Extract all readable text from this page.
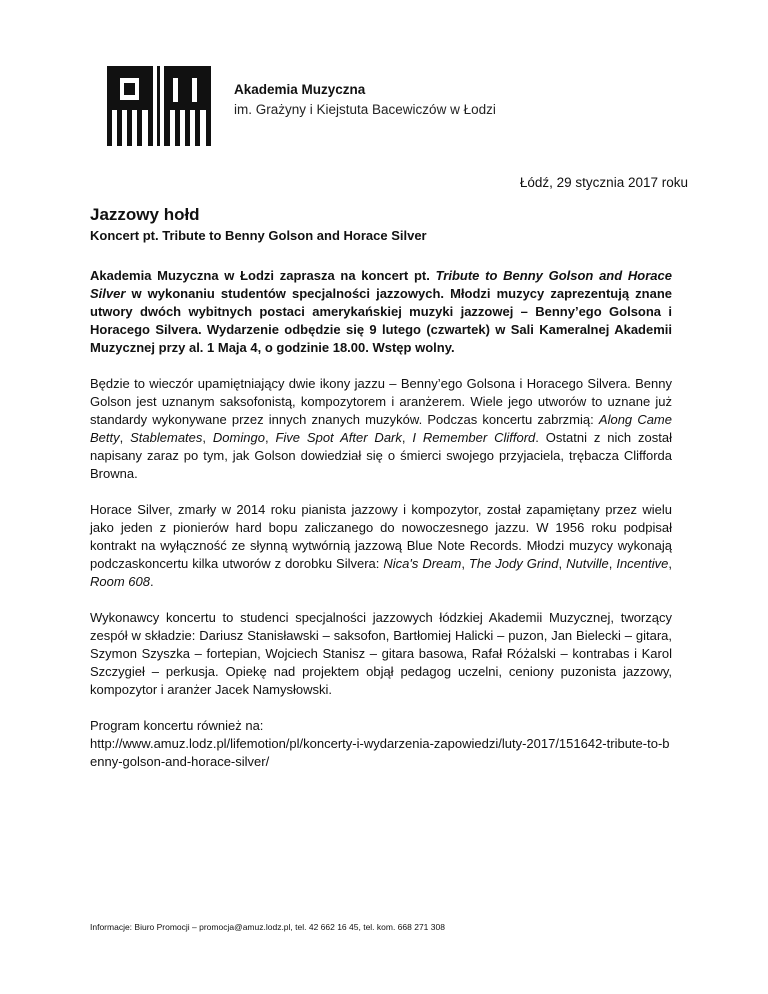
Akademia Muzyczna
im. Grażyny i Kiejstuta Bacewiczów w Łodzi
Łódź, 29 stycznia 2017 roku
Jazzowy hołd
Koncert pt. Tribute to Benny Golson and Horace Silver

Akademia Muzyczna w Łodzi zaprasza na koncert pt. Tribute to Benny Golson and Horace Silver w wykonaniu studentów specjalności jazzowych. Młodzi muzycy zaprezentują znane utwory dwóch wybitnych postaci amerykańskiej muzyki jazzowej – Benny’ego Golsona i Horacego Silvera. Wydarzenie odbędzie się 9 lutego (czwartek) w Sali Kameralnej Akademii Muzycznej przy al. 1 Maja 4, o godzinie 18.00. Wstęp wolny.

Będzie to wieczór upamiętniający dwie ikony jazzu – Benny’ego Golsona i Horacego Silvera. Benny Golson jest uznanym saksofonistą, kompozytorem i aranżerem. Wiele jego utworów to uznane już standardy wykonywane przez innych znanych muzyków. Podczas koncertu zabrzmią: Along Came Betty, Stablemates, Domingo, Five Spot After Dark, I Remember Clifford. Ostatni z nich został napisany zaraz po tym, jak Golson dowiedział się o śmierci swojego przyjaciela, trębacza Clifforda Browna.

Horace Silver, zmarły w 2014 roku pianista jazzowy i kompozytor, został zapamiętany przez wielu jako jeden z pionierów hard bopu zaliczanego do nowoczesnego jazzu. W 1956 roku podpisał kontrakt na wyłączność ze słynną wytwórnią jazzową Blue Note Records. Młodzi muzycy wykonają podczaskoncertu kilka utworów z dorobku Silvera: Nica's Dream, The Jody Grind, Nutville, Incentive, Room 608.

Wykonawcy koncertu to studenci specjalności jazzowych łódzkiej Akademii Muzycznej, tworzący zespół w składzie: Dariusz Stanisławski – saksofon, Bartłomiej Halicki – puzon, Jan Bielecki – gitara, Szymon Szyszka – fortepian, Wojciech Stanisz – gitara basowa, Rafał Różalski – kontrabas i Karol Szczygieł – perkusja. Opiekę nad projektem objął pedagog uczelni, ceniony puzonista jazzowy, kompozytor i aranżer Jacek Namysłowski.

Program koncertu również na:
http://www.amuz.lodz.pl/lifemotion/pl/koncerty-i-wydarzenia-zapowiedzi/luty-2017/151642-tribute-to-benny-golson-and-horace-silver/

Informacje: Biuro Promocji – promocja@amuz.lodz.pl, tel. 42 662 16 45, tel. kom. 668 271 308
